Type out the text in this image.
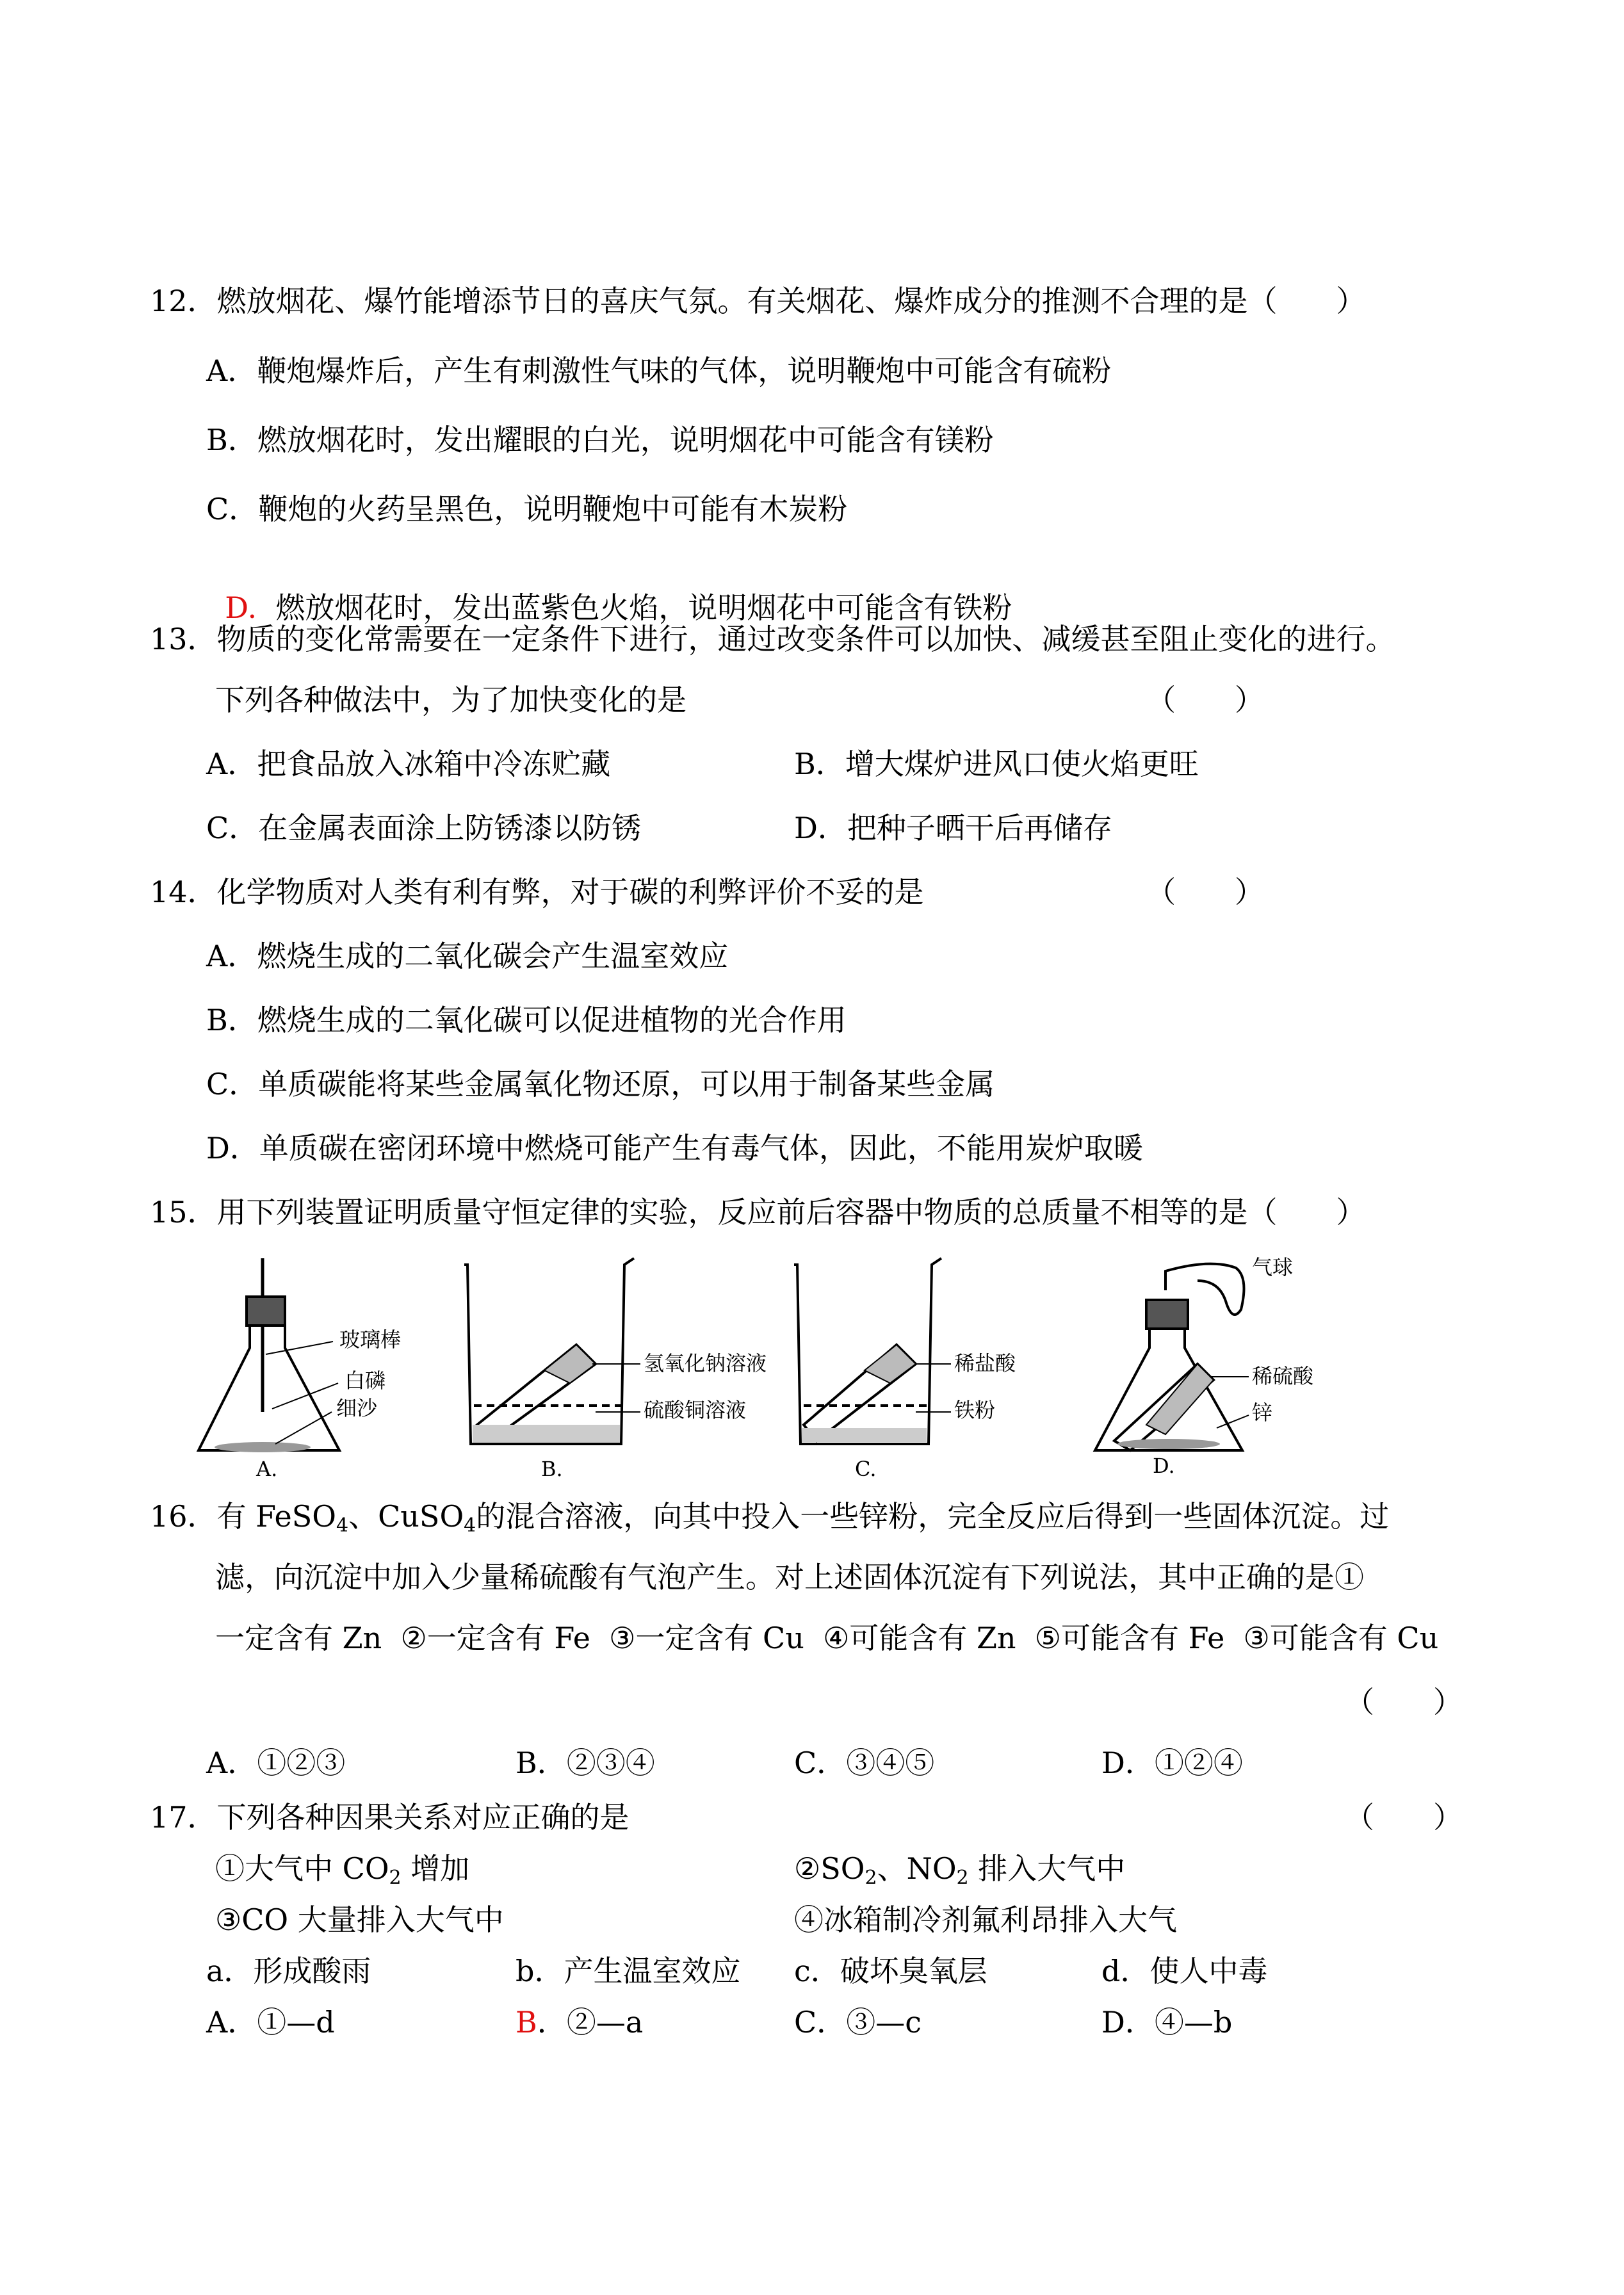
12．燃放烟花、爆竹能增添节日的喜庆气氛。有关烟花、爆炸成分的推测不合理的是（　　）
A．鞭炮爆炸后，产生有刺激性气味的气体，说明鞭炮中可能含有硫粉
B．燃放烟花时，发出耀眼的白光，说明烟花中可能含有镁粉
C．鞭炮的火药呈黑色，说明鞭炮中可能有木炭粉

D. 燃放烟花时，发出蓝紫色火焰，说明烟花中可能含有铁粉

13．物质的变化常需要在一定条件下进行，通过改变条件可以加快、减缓甚至阻止变化的进行。
下列各种做法中，为了加快变化的是	（　　）
A．把食品放入冰箱中冷冻贮藏	B．增大煤炉进风口使火焰更旺
C．在金属表面涂上防锈漆以防锈	D．把种子晒干后再储存
14．化学物质对人类有利有弊，对于碳的利弊评价不妥的是	（　　）
A．燃烧生成的二氧化碳会产生温室效应
B．燃烧生成的二氧化碳可以促进植物的光合作用
C．单质碳能将某些金属氧化物还原，可以用于制备某些金属
D．单质碳在密闭环境中燃烧可能产生有毒气体，因此，不能用炭炉取暖
15．用下列装置证明质量守恒定律的实验，反应前后容器中物质的总质量不相等的是（　　）
玻璃棒
白磷
细沙
A.
氢氧化钠溶液
硫酸铜溶液
B.
稀盐酸
铁粉
C.
气球
稀硫酸
锌
D.
16．有 FeSO$_4$、CuSO$_4$的混合溶液，向其中投入一些锌粉，完全反应后得到一些固体沉淀。过
滤，向沉淀中加入少量稀硫酸有气泡产生。对上述固体沉淀有下列说法，其中正确的是①
一定含有 Zn  ②一定含有 Fe  ③一定含有 Cu  ④可能含有 Zn  ⑤可能含有 Fe  ③可能含有 Cu
（　　）
A．①②③	B．②③④	C．③④⑤	D．①②④
17．下列各种因果关系对应正确的是	（　　）
①大气中 $CO_2$ 增加	$②SO_2$、$NO_2$ 排入大气中
③CO 大量排入大气中	④冰箱制冷剂氟利昂排入大气
a．形成酸雨	b．产生温室效应 c．破坏臭氧层	d．使人中毒
A．①—d	B．②—a	C．③—c	D．④—b
